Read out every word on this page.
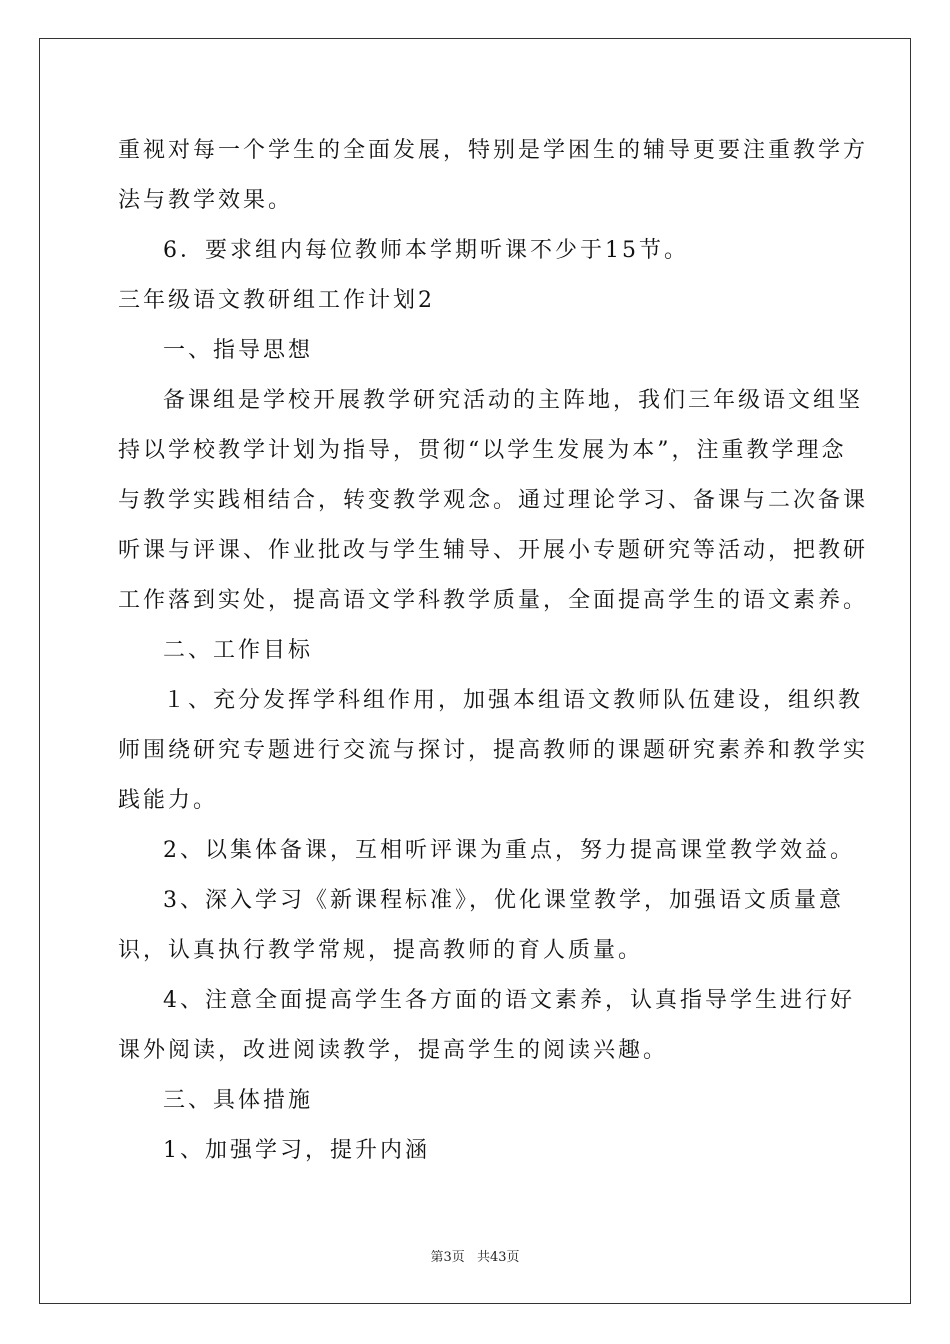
重视对每一个学生的全面发展，特别是学困生的辅导更要注重教学方
法与教学效果。
6．要求组内每位教师本学期听课不少于15节。
三年级语文教研组工作计划2
一、指导思想
备课组是学校开展教学研究活动的主阵地，我们三年级语文组坚
持以学校教学计划为指导，贯彻“以学生发展为本”，注重教学理念
与教学实践相结合，转变教学观念。通过理论学习、备课与二次备课
听课与评课、作业批改与学生辅导、开展小专题研究等活动，把教研
工作落到实处，提高语文学科教学质量，全面提高学生的语文素养。
二、工作目标
１、充分发挥学科组作用，加强本组语文教师队伍建设，组织教
师围绕研究专题进行交流与探讨，提高教师的课题研究素养和教学实
践能力。
2、以集体备课，互相听评课为重点，努力提高课堂教学效益。
3、深入学习《新课程标准》，优化课堂教学，加强语文质量意
识，认真执行教学常规，提高教师的育人质量。
4、注意全面提高学生各方面的语文素养，认真指导学生进行好
课外阅读，改进阅读教学，提高学生的阅读兴趣。
三、具体措施
1、加强学习，提升内涵
第3页 共43页
